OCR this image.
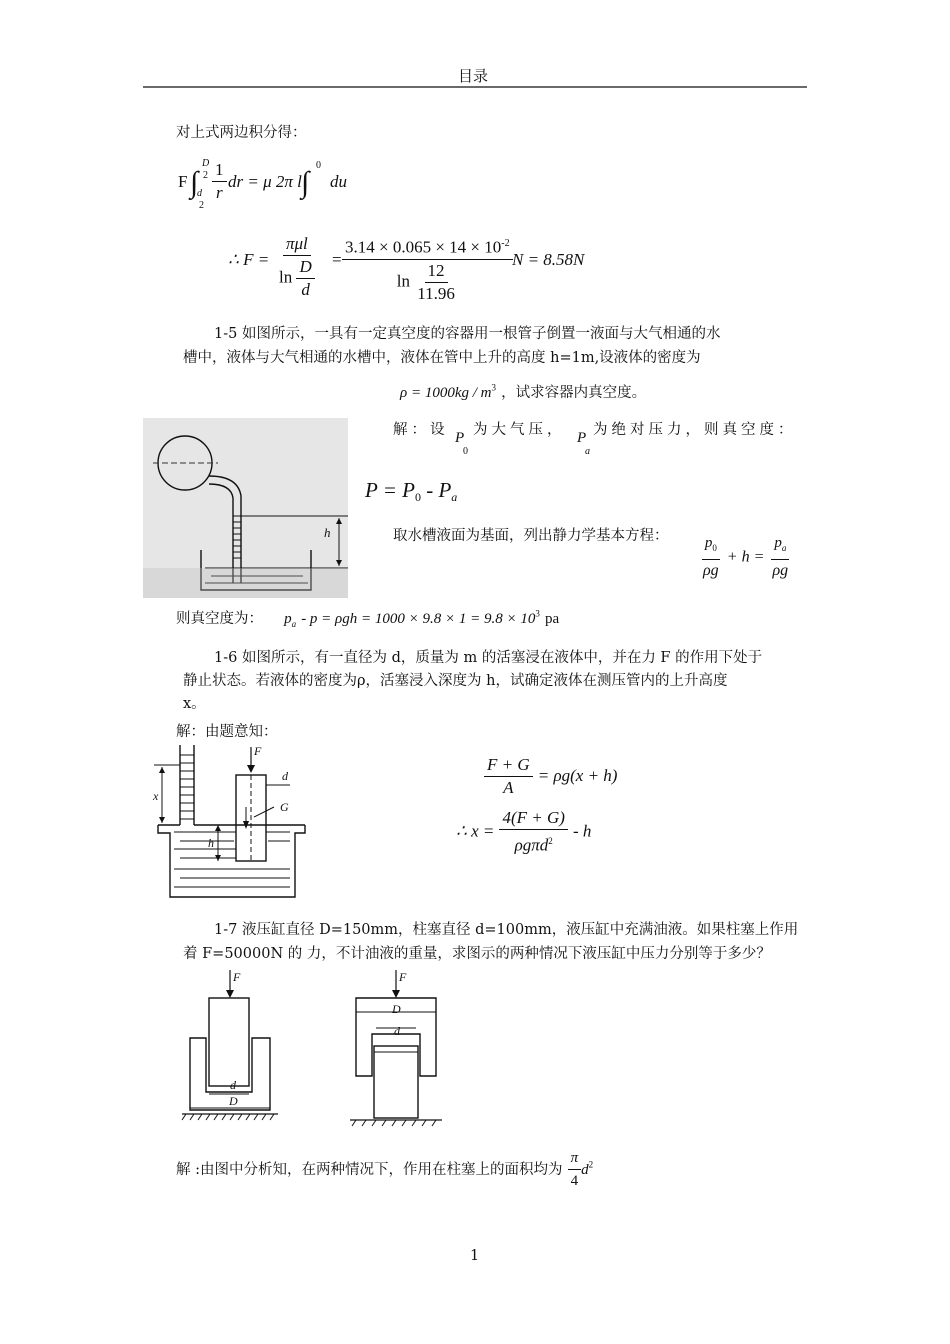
目录
对上式两边积分得：
F ∫
D
2
d
2
$\frac{1}{r}$ dr = μ 2π l ∫
0
du
∴ F =
πμl
$\ln \frac{D}{d} = \frac{3.14 \times 0.065 \times 14 \times 10^{-2}}{\ln \frac{12}{11.96}}$ N = 8.58N
1-5 如图所示，一具有一定真空度的容器用一根管子倒置一液面与大气相通的水
槽中，液体与大气相通的水槽中，液体在管中上升的高度 h=1m,设液体的密度为
$\rho = 1000kg / m^3$ ，试求容器内真空度。
h
解：设 P
0
为大气压， P
a
为绝对压力，则真空度：
$P = P_0 - P_a$
取水槽液面为基面，列出静力学基本方程： $\frac{p_0}{\rho g} + h = \frac{p_a}{\rho g}$
则真空度为： $p_a - p = \rho gh = 1000 \times 9.8 \times 1 = 9.8 \times 10^3$ pa
1-6 如图所示，有一直径为 d，质量为 m 的活塞浸在液体中，并在力 F 的作用下处于
静止状态。若液体的密度为ρ，活塞浸入深度为 h，试确定液体在测压管内的上升高度
x。
解：由题意知：
F
d
G
x
h
$\frac{F + G}{A} = \rho g(x + h)$
∴ $x = \frac{4(F + G)}{\rho g\pi d^2} - h$
1-7 液压缸直径 D=150mm，柱塞直径 d=100mm，液压缸中充满油液。如果柱塞上作用
着 F=50000N 的 力，不计油液的重量，求图示的两种情况下液压缸中压力分别等于多少？
F
d
D
F
D
d
解 :由图中分析知，在两种情况下，作用在柱塞上的面积均为 $\frac{\pi}{4} d^2$
1
